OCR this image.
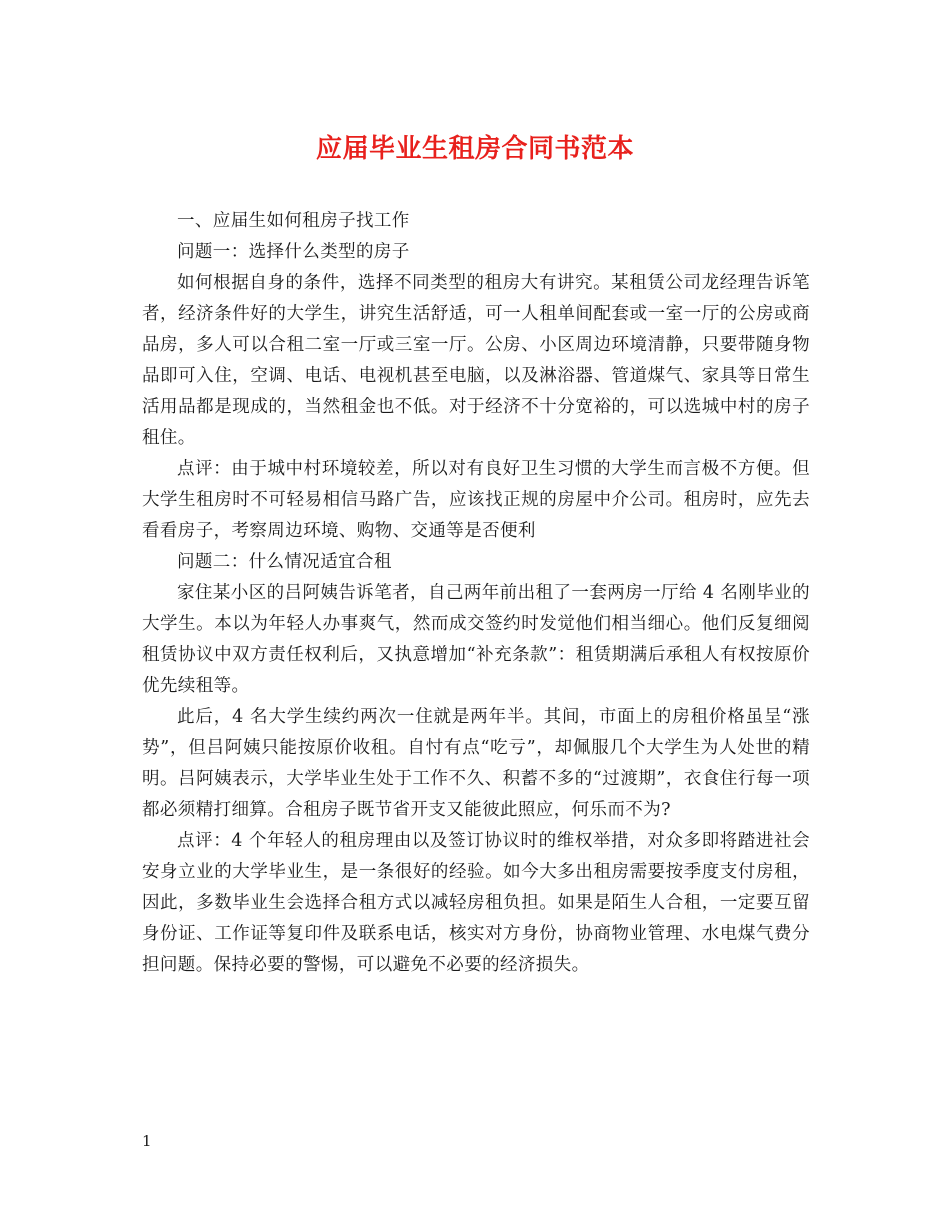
应届毕业生租房合同书范本

一、应届生如何租房子找工作

问题一：选择什么类型的房子

如何根据自身的条件，选择不同类型的租房大有讲究。某租赁公司龙经理告诉笔者，经济条件好的大学生，讲究生活舒适，可一人租单间配套或一室一厅的公房或商品房，多人可以合租二室一厅或三室一厅。公房、小区周边环境清静，只要带随身物品即可入住，空调、电话、电视机甚至电脑，以及淋浴器、管道煤气、家具等日常生活用品都是现成的，当然租金也不低。对于经济不十分宽裕的，可以选城中村的房子租住。

点评：由于城中村环境较差，所以对有良好卫生习惯的大学生而言极不方便。但大学生租房时不可轻易相信马路广告，应该找正规的房屋中介公司。租房时，应先去看看房子，考察周边环境、购物、交通等是否便利

问题二：什么情况适宜合租

家住某小区的吕阿姨告诉笔者，自己两年前出租了一套两房一厅给 4 名刚毕业的大学生。本以为年轻人办事爽气，然而成交签约时发觉他们相当细心。他们反复细阅租赁协议中双方责任权利后，又执意增加“补充条款”：租赁期满后承租人有权按原价优先续租等。

此后，4 名大学生续约两次一住就是两年半。其间，市面上的房租价格虽呈“涨势”，但吕阿姨只能按原价收租。自忖有点“吃亏”，却佩服几个大学生为人处世的精明。吕阿姨表示，大学毕业生处于工作不久、积蓄不多的“过渡期”，衣食住行每一项都必须精打细算。合租房子既节省开支又能彼此照应，何乐而不为?

点评：4 个年轻人的租房理由以及签订协议时的维权举措，对众多即将踏进社会安身立业的大学毕业生，是一条很好的经验。如今大多出租房需要按季度支付房租，因此，多数毕业生会选择合租方式以减轻房租负担。如果是陌生人合租，一定要互留身份证、工作证等复印件及联系电话，核实对方身份，协商物业管理、水电煤气费分担问题。保持必要的警惕，可以避免不必要的经济损失。

1
